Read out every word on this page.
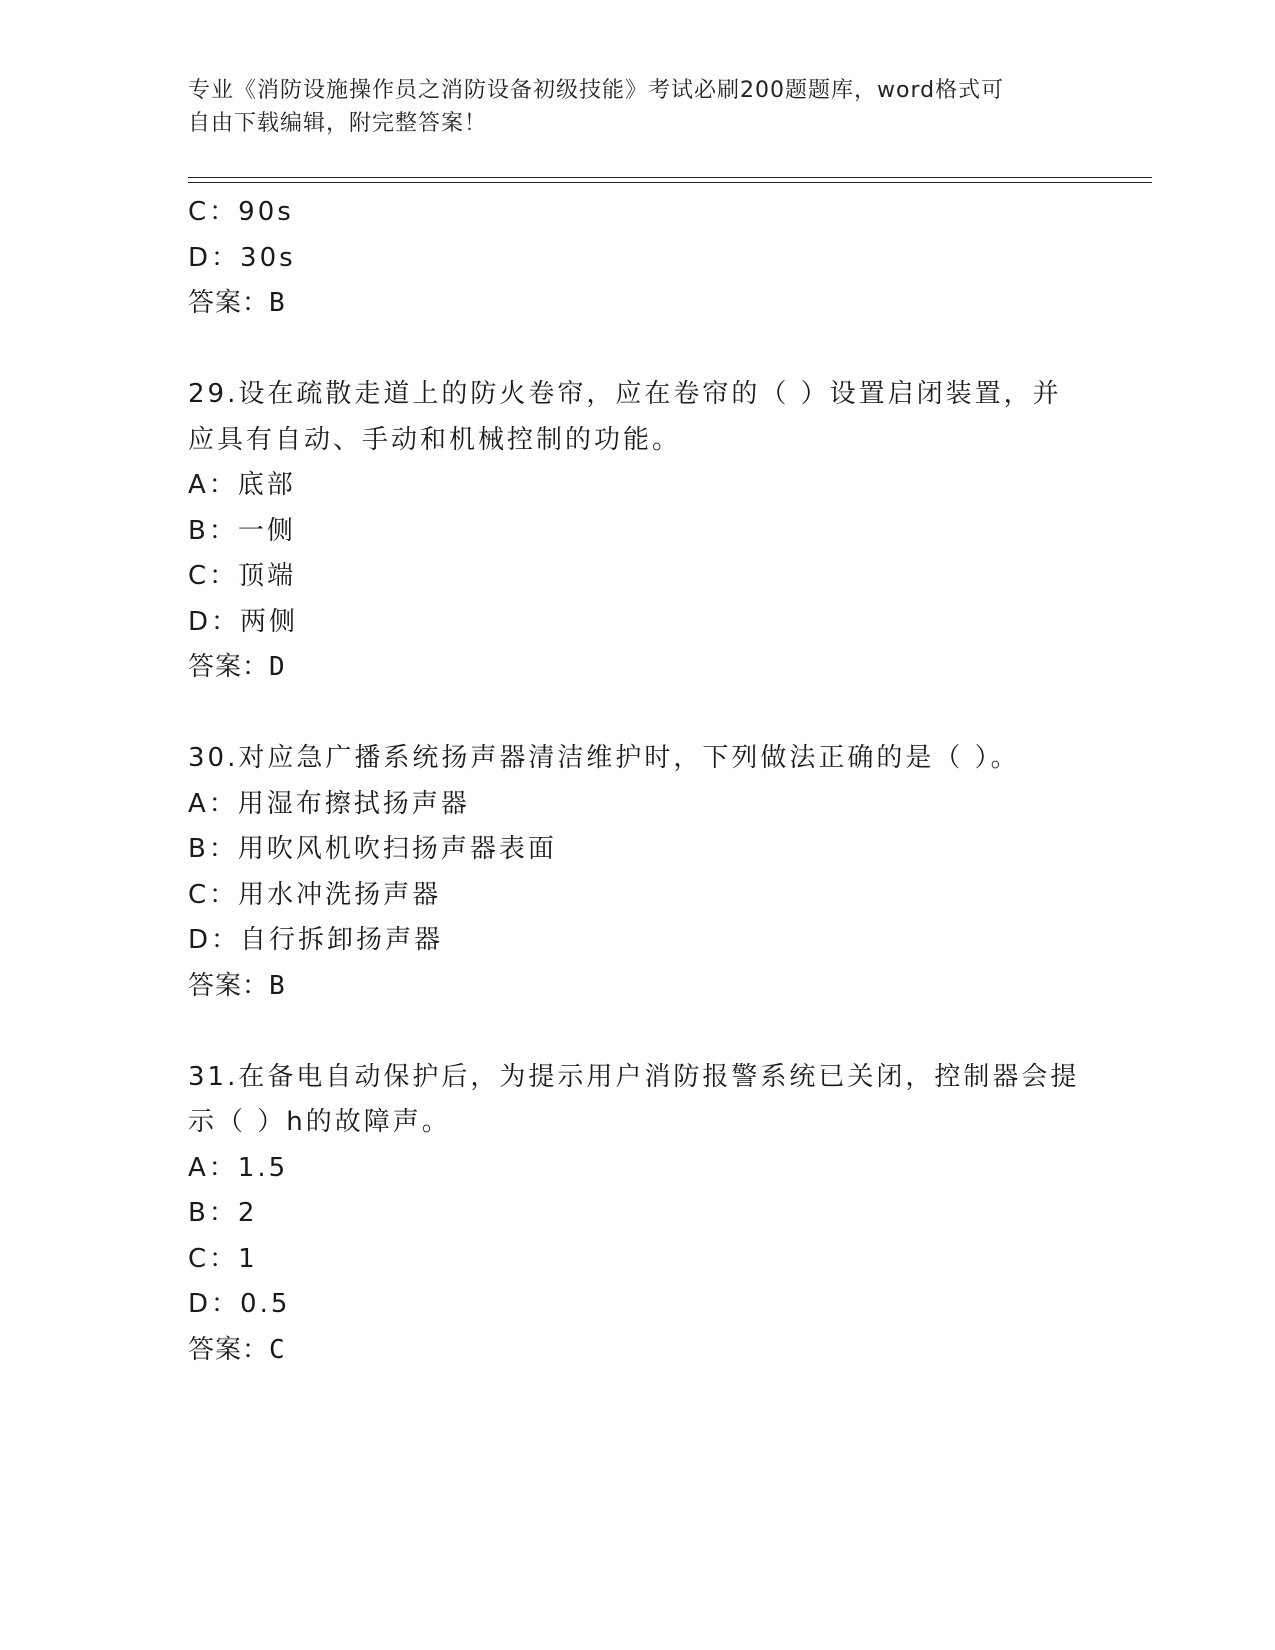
专业《消防设施操作员之消防设备初级技能》考试必刷200题题库，word格式可
自由下载编辑，附完整答案！
C：90s
D：30s
答案：B
29.设在疏散走道上的防火卷帘，应在卷帘的（ ）设置启闭装置，并
应具有自动、手动和机械控制的功能。
A：底部
B：一侧
C：顶端
D：两侧
答案：D
30.对应急广播系统扬声器清洁维护时，下列做法正确的是（ ）。
A：用湿布擦拭扬声器
B：用吹风机吹扫扬声器表面
C：用水冲洗扬声器
D：自行拆卸扬声器
答案：B
31.在备电自动保护后，为提示用户消防报警系统已关闭，控制器会提
示（ ）h的故障声。
A：1.5
B：2
C：1
D：0.5
答案：C
